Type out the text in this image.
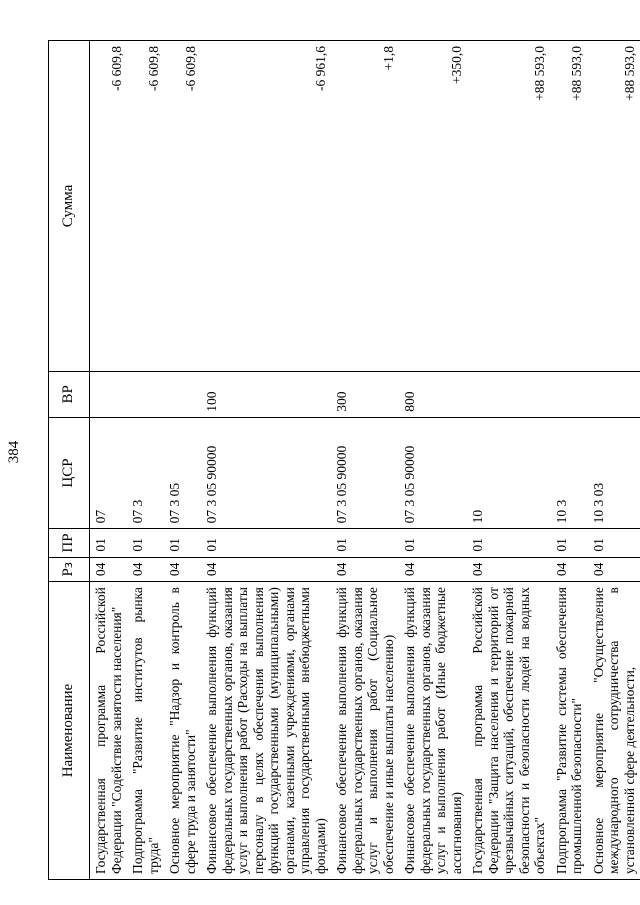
384
Наименование	Рз	ПР	ЦСР	ВР	Сумма
Государственная программа Российской Федерации "Содействие занятости населения"	04	01	07		-6 609,8
Подпрограмма "Развитие институтов рынка труда"	04	01	07 3		-6 609,8
Основное мероприятие "Надзор и контроль в сфере труда и занятости"	04	01	07 3 05		-6 609,8
Финансовое обеспечение выполнения функций федеральных государственных органов, оказания услуг и выполнения работ (Расходы на выплаты персоналу в целях обеспечения выполнения функций государственными (муниципальными) органами, казенными учреждениями, органами управления государственными внебюджетными фондами)	04	01	07 3 05 90000	100	-6 961,6
Финансовое обеспечение выполнения функций федеральных государственных органов, оказания услуг и выполнения работ (Социальное обеспечение и иные выплаты населению)	04	01	07 3 05 90000	300	+1,8
Финансовое обеспечение выполнения функций федеральных государственных органов, оказания услуг и выполнения работ (Иные бюджетные ассигнования)	04	01	07 3 05 90000	800	+350,0
Государственная программа Российской Федерации "Защита населения и территорий от чрезвычайных ситуаций, обеспечение пожарной безопасности и безопасности людей на водных объектах"	04	01	10		+88 593,0
Подпрограмма "Развитие системы обеспечения промышленной безопасности"	04	01	10 3		+88 593,0
Основное мероприятие "Осуществление международного сотрудничества в установленной сфере деятельности,	04	01	10 3 03		+88 593,0
